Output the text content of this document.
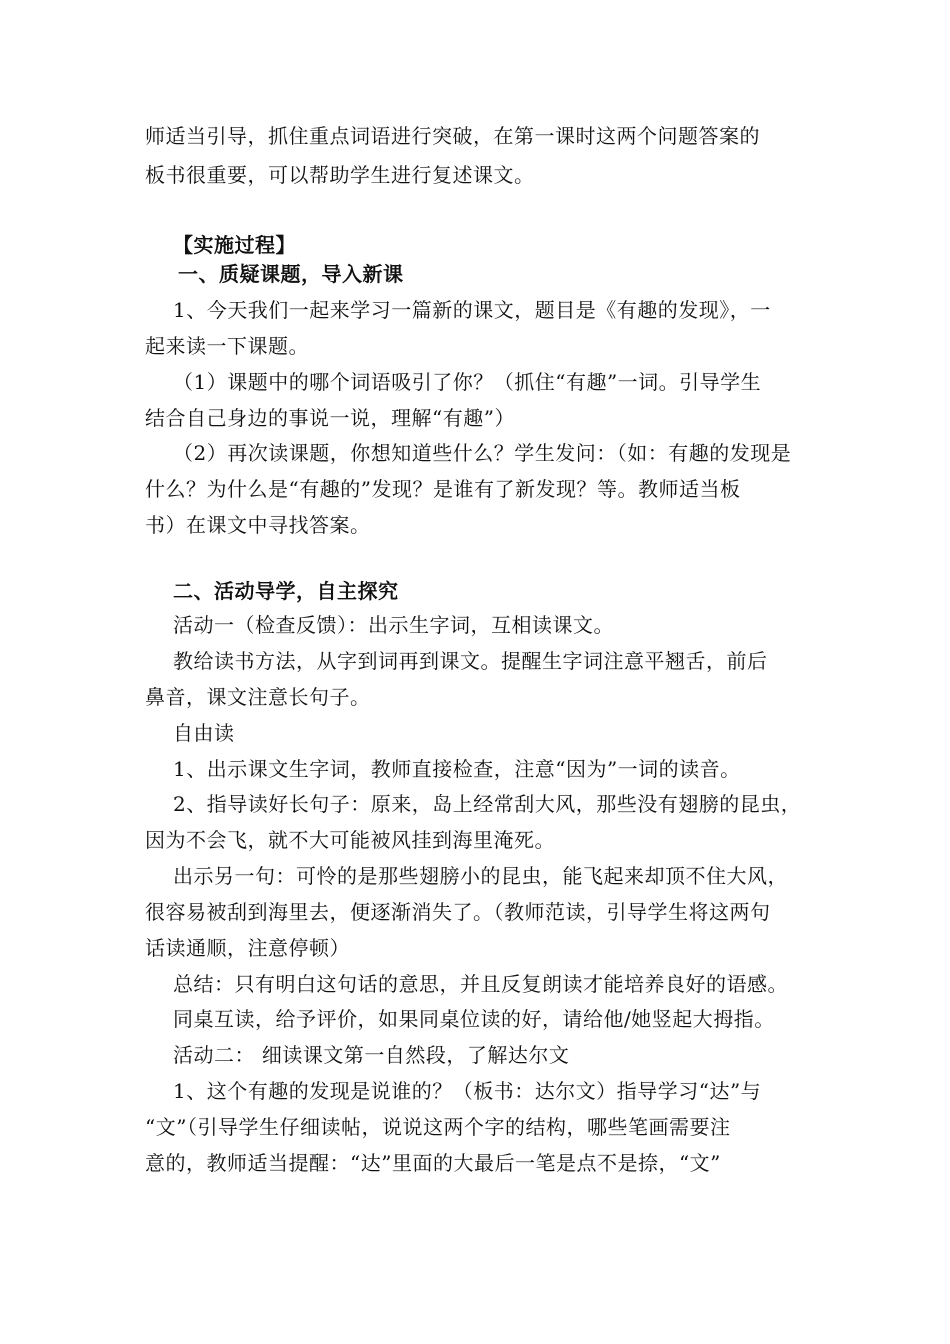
师适当引导，抓住重点词语进行突破，在第一课时这两个问题答案的
板书很重要，可以帮助学生进行复述课文。
【实施过程】
一、质疑课题，导入新课
1、今天我们一起来学习一篇新的课文，题目是《有趣的发现》，一
起来读一下课题。
（1）课题中的哪个词语吸引了你？（抓住“有趣”一词。引导学生
结合自己身边的事说一说，理解“有趣”）
（2）再次读课题，你想知道些什么？学生发问：（如：有趣的发现是
什么？为什么是“有趣的”发现？是谁有了新发现？等。教师适当板
书）在课文中寻找答案。
二、活动导学，自主探究
活动一（检查反馈）：出示生字词，互相读课文。
教给读书方法，从字到词再到课文。提醒生字词注意平翘舌，前后
鼻音，课文注意长句子。
自由读
1、出示课文生字词，教师直接检查，注意“因为”一词的读音。
2、指导读好长句子：原来，岛上经常刮大风，那些没有翅膀的昆虫，
因为不会飞，就不大可能被风挂到海里淹死。
出示另一句：可怜的是那些翅膀小的昆虫，能飞起来却顶不住大风，
很容易被刮到海里去，便逐渐消失了。（教师范读，引导学生将这两句
话读通顺，注意停顿）
总结：只有明白这句话的意思，并且反复朗读才能培养良好的语感。
同桌互读，给予评价，如果同桌位读的好，请给他/她竖起大拇指。
活动二： 细读课文第一自然段，了解达尔文
1、这个有趣的发现是说谁的？（板书：达尔文）指导学习“达”与
“文”（引导学生仔细读帖，说说这两个字的结构，哪些笔画需要注
意的，教师适当提醒：“达”里面的大最后一笔是点不是捺，“文”
